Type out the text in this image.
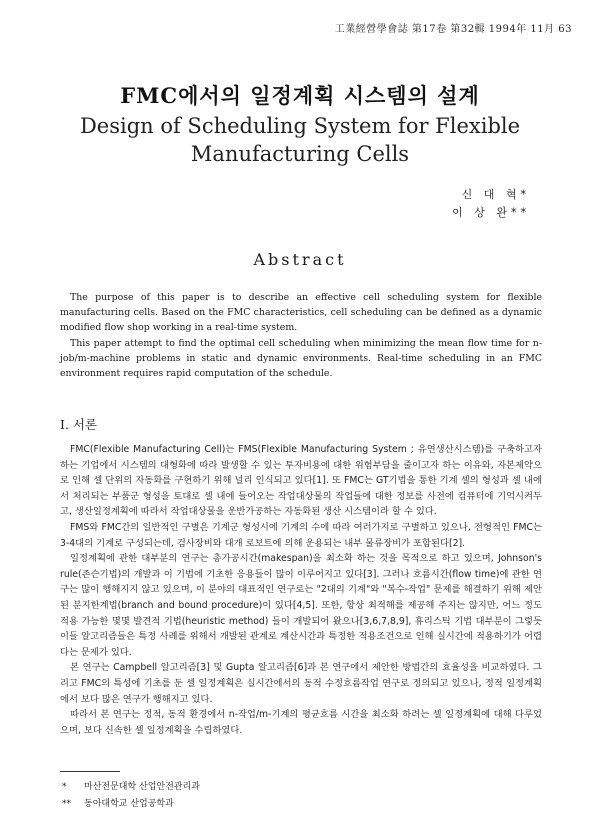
工業經營學會誌 第17卷 第32輯 1994年 11月 63
FMC에서의 일정계획 시스템의 설계
Design of Scheduling System for Flexible
Manufacturing Cells
신 대 혁*
이 상 완**
Abstract

The purpose of this paper is to describe an effective cell scheduling system for flexible manufacturing cells. Based on the FMC characteristics, cell scheduling can be defined as a dynamic modified flow shop working in a real-time system.

This paper attempt to find the optimal cell scheduling when minimizing the mean flow time for n-job/m-machine problems in static and dynamic environments. Real-time scheduling in an FMC environment requires rapid computation of the schedule.

I. 서론

FMC(Flexible Manufacturing Cell)는 FMS(Flexible Manufacturing System ; 유연생산시스템)를 구축하고자 하는 기업에서 시스템의 대형화에 따라 발생할 수 있는 투자비용에 대한 위험부담을 줄이고자 하는 이유와, 자본제약으로 인해 셀 단위의 자동화를 구현하기 위해 널리 인식되고 있다[1]. 또 FMC는 GT기법을 통한 기계 셀의 형성과 셀 내에서 처리되는 부품군 형성을 토대로 셀 내에 들어오는 작업대상물의 작업들에 대한 정보를 사전에 컴퓨터에 기억시켜두고, 생산일정계획에 따라서 작업대상물을 운반가공하는 자동화된 생산 시스템이라 할 수 있다.

FMS와 FMC간의 일반적인 구별은 기계군 형성시에 기계의 수에 따라 여러가지로 구별하고 있으나, 전형적인 FMC는 3-4대의 기계로 구성되는데, 검사장비와 대개 로보트에 의해 운용되는 내부 물류장비가 포함된다[2].

일정계획에 관한 대부분의 연구는 총가공시간(makespan)을 최소화 하는 것을 목적으로 하고 있으며, Johnson's rule(존슨기법)의 개발과 이 기법에 기초한 응용들이 많이 이루어지고 있다[3]. 그러나 흐름시간(flow time)에 관한 연구는 많이 행해지지 않고 있으며, 이 분야의 대표적인 연구로는 "2대의 기계"와 "복수-작업" 문제를 해결하기 위해 제안된 분지한계법(branch and bound procedure)이 있다[4,5]. 또한, 항상 최적해를 제공해 주지는 않지만, 어느 정도 적용 가능한 몇몇 발견적 기법(heuristic method) 들이 개발되어 왔으나[3,6,7,8,9], 휴리스틱 기법 대부분이 그렇듯 이들 알고리즘들은 특정 사례를 위해서 개발된 관계로 계산시간과 특정한 적용조건으로 인해 실시간에 적용하기가 어렵다는 문제가 있다.

본 연구는 Campbell 알고리즘[3] 및 Gupta 알고리즘[6]과 본 연구에서 제안한 방법간의 효율성을 비교하였다. 그리고 FMC의 특성에 기초를 둔 셀 일정계획은 실시간에서의 동적 수정흐름작업 연구로 정의되고 있으나, 정적 일정계획에서 보다 많은 연구가 행해지고 있다.

따라서 본 연구는 정적, 동적 환경에서 n-작업/m-기계의 평균흐름 시간을 최소화 하려는 셀 일정계획에 대해 다루었으며, 보다 신속한 셀 일정계획을 수립하였다.

* 마산전문대학 산업안전관리과
** 동아대학교 산업공학과
